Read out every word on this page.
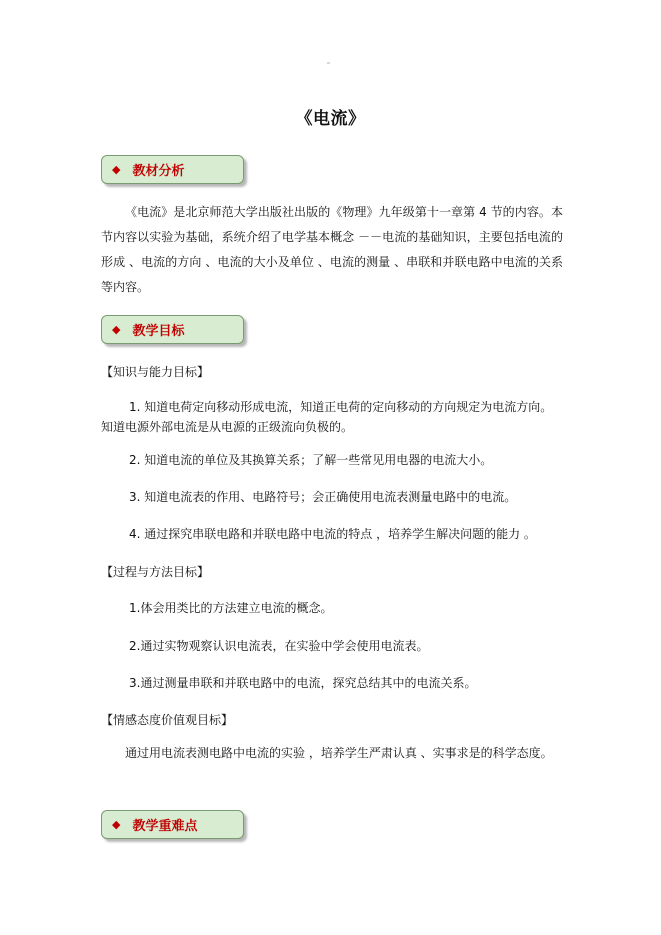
《电流》
◆ 教材分析

《电流》是北京师范大学出版社出版的《物理》九年级第十一章第 4 节的内容。本节内容以实验为基础，系统介绍了电学基本概念 －－电流的基础知识，主要包括电流的形成 、电流的方向 、电流的大小及单位 、电流的测量 、串联和并联电路中电流的关系等内容。

◆ 教学目标

【知识与能力目标】

1. 知道电荷定向移动形成电流，知道正电荷的定向移动的方向规定为电流方向。知道电源外部电流是从电源的正级流向负极的。

2. 知道电流的单位及其换算关系；了解一些常见用电器的电流大小。

3. 知道电流表的作用、电路符号；会正确使用电流表测量电路中的电流。

4. 通过探究串联电路和并联电路中电流的特点 ，培养学生解决问题的能力 。

【过程与方法目标】

1.体会用类比的方法建立电流的概念。

2.通过实物观察认识电流表，在实验中学会使用电流表。

3.通过测量串联和并联电路中的电流，探究总结其中的电流关系。

【情感态度价值观目标】

通过用电流表测电路中电流的实验 ，培养学生严肃认真 、实事求是的科学态度。

◆ 教学重难点
